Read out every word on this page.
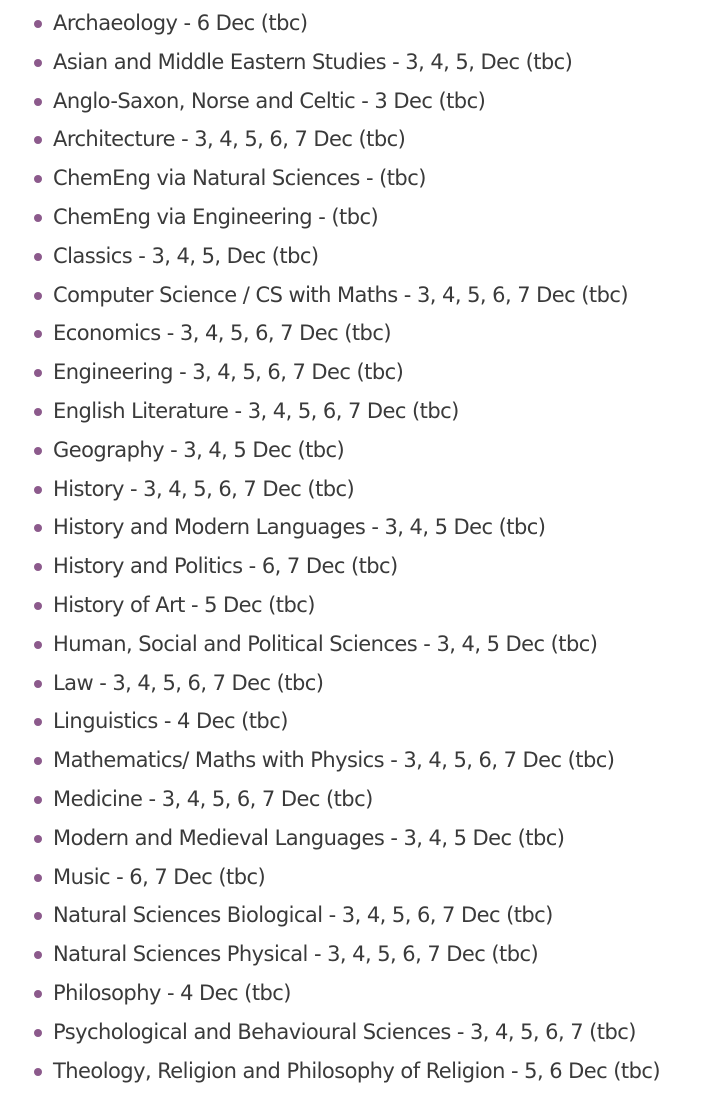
Archaeology - 6 Dec (tbc)
Asian and Middle Eastern Studies - 3, 4, 5, Dec (tbc)
Anglo-Saxon, Norse and Celtic - 3 Dec (tbc)
Architecture - 3, 4, 5, 6, 7 Dec (tbc)
ChemEng via Natural Sciences - (tbc)
ChemEng via Engineering - (tbc)
Classics - 3, 4, 5, Dec (tbc)
Computer Science / CS with Maths - 3, 4, 5, 6, 7 Dec (tbc)
Economics - 3, 4, 5, 6, 7 Dec (tbc)
Engineering - 3, 4, 5, 6, 7 Dec (tbc)
English Literature - 3, 4, 5, 6, 7 Dec (tbc)
Geography - 3, 4, 5 Dec (tbc)
History - 3, 4, 5, 6, 7 Dec (tbc)
History and Modern Languages - 3, 4, 5 Dec (tbc)
History and Politics - 6, 7 Dec (tbc)
History of Art - 5 Dec (tbc)
Human, Social and Political Sciences - 3, 4, 5 Dec (tbc)
Law - 3, 4, 5, 6, 7 Dec (tbc)
Linguistics - 4 Dec (tbc)
Mathematics/ Maths with Physics - 3, 4, 5, 6, 7 Dec (tbc)
Medicine - 3, 4, 5, 6, 7 Dec (tbc)
Modern and Medieval Languages - 3, 4, 5 Dec (tbc)
Music - 6, 7 Dec (tbc)
Natural Sciences Biological - 3, 4, 5, 6, 7 Dec (tbc)
Natural Sciences Physical - 3, 4, 5, 6, 7 Dec (tbc)
Philosophy - 4 Dec (tbc)
Psychological and Behavioural Sciences - 3, 4, 5, 6, 7 (tbc)
Theology, Religion and Philosophy of Religion - 5, 6 Dec (tbc)
